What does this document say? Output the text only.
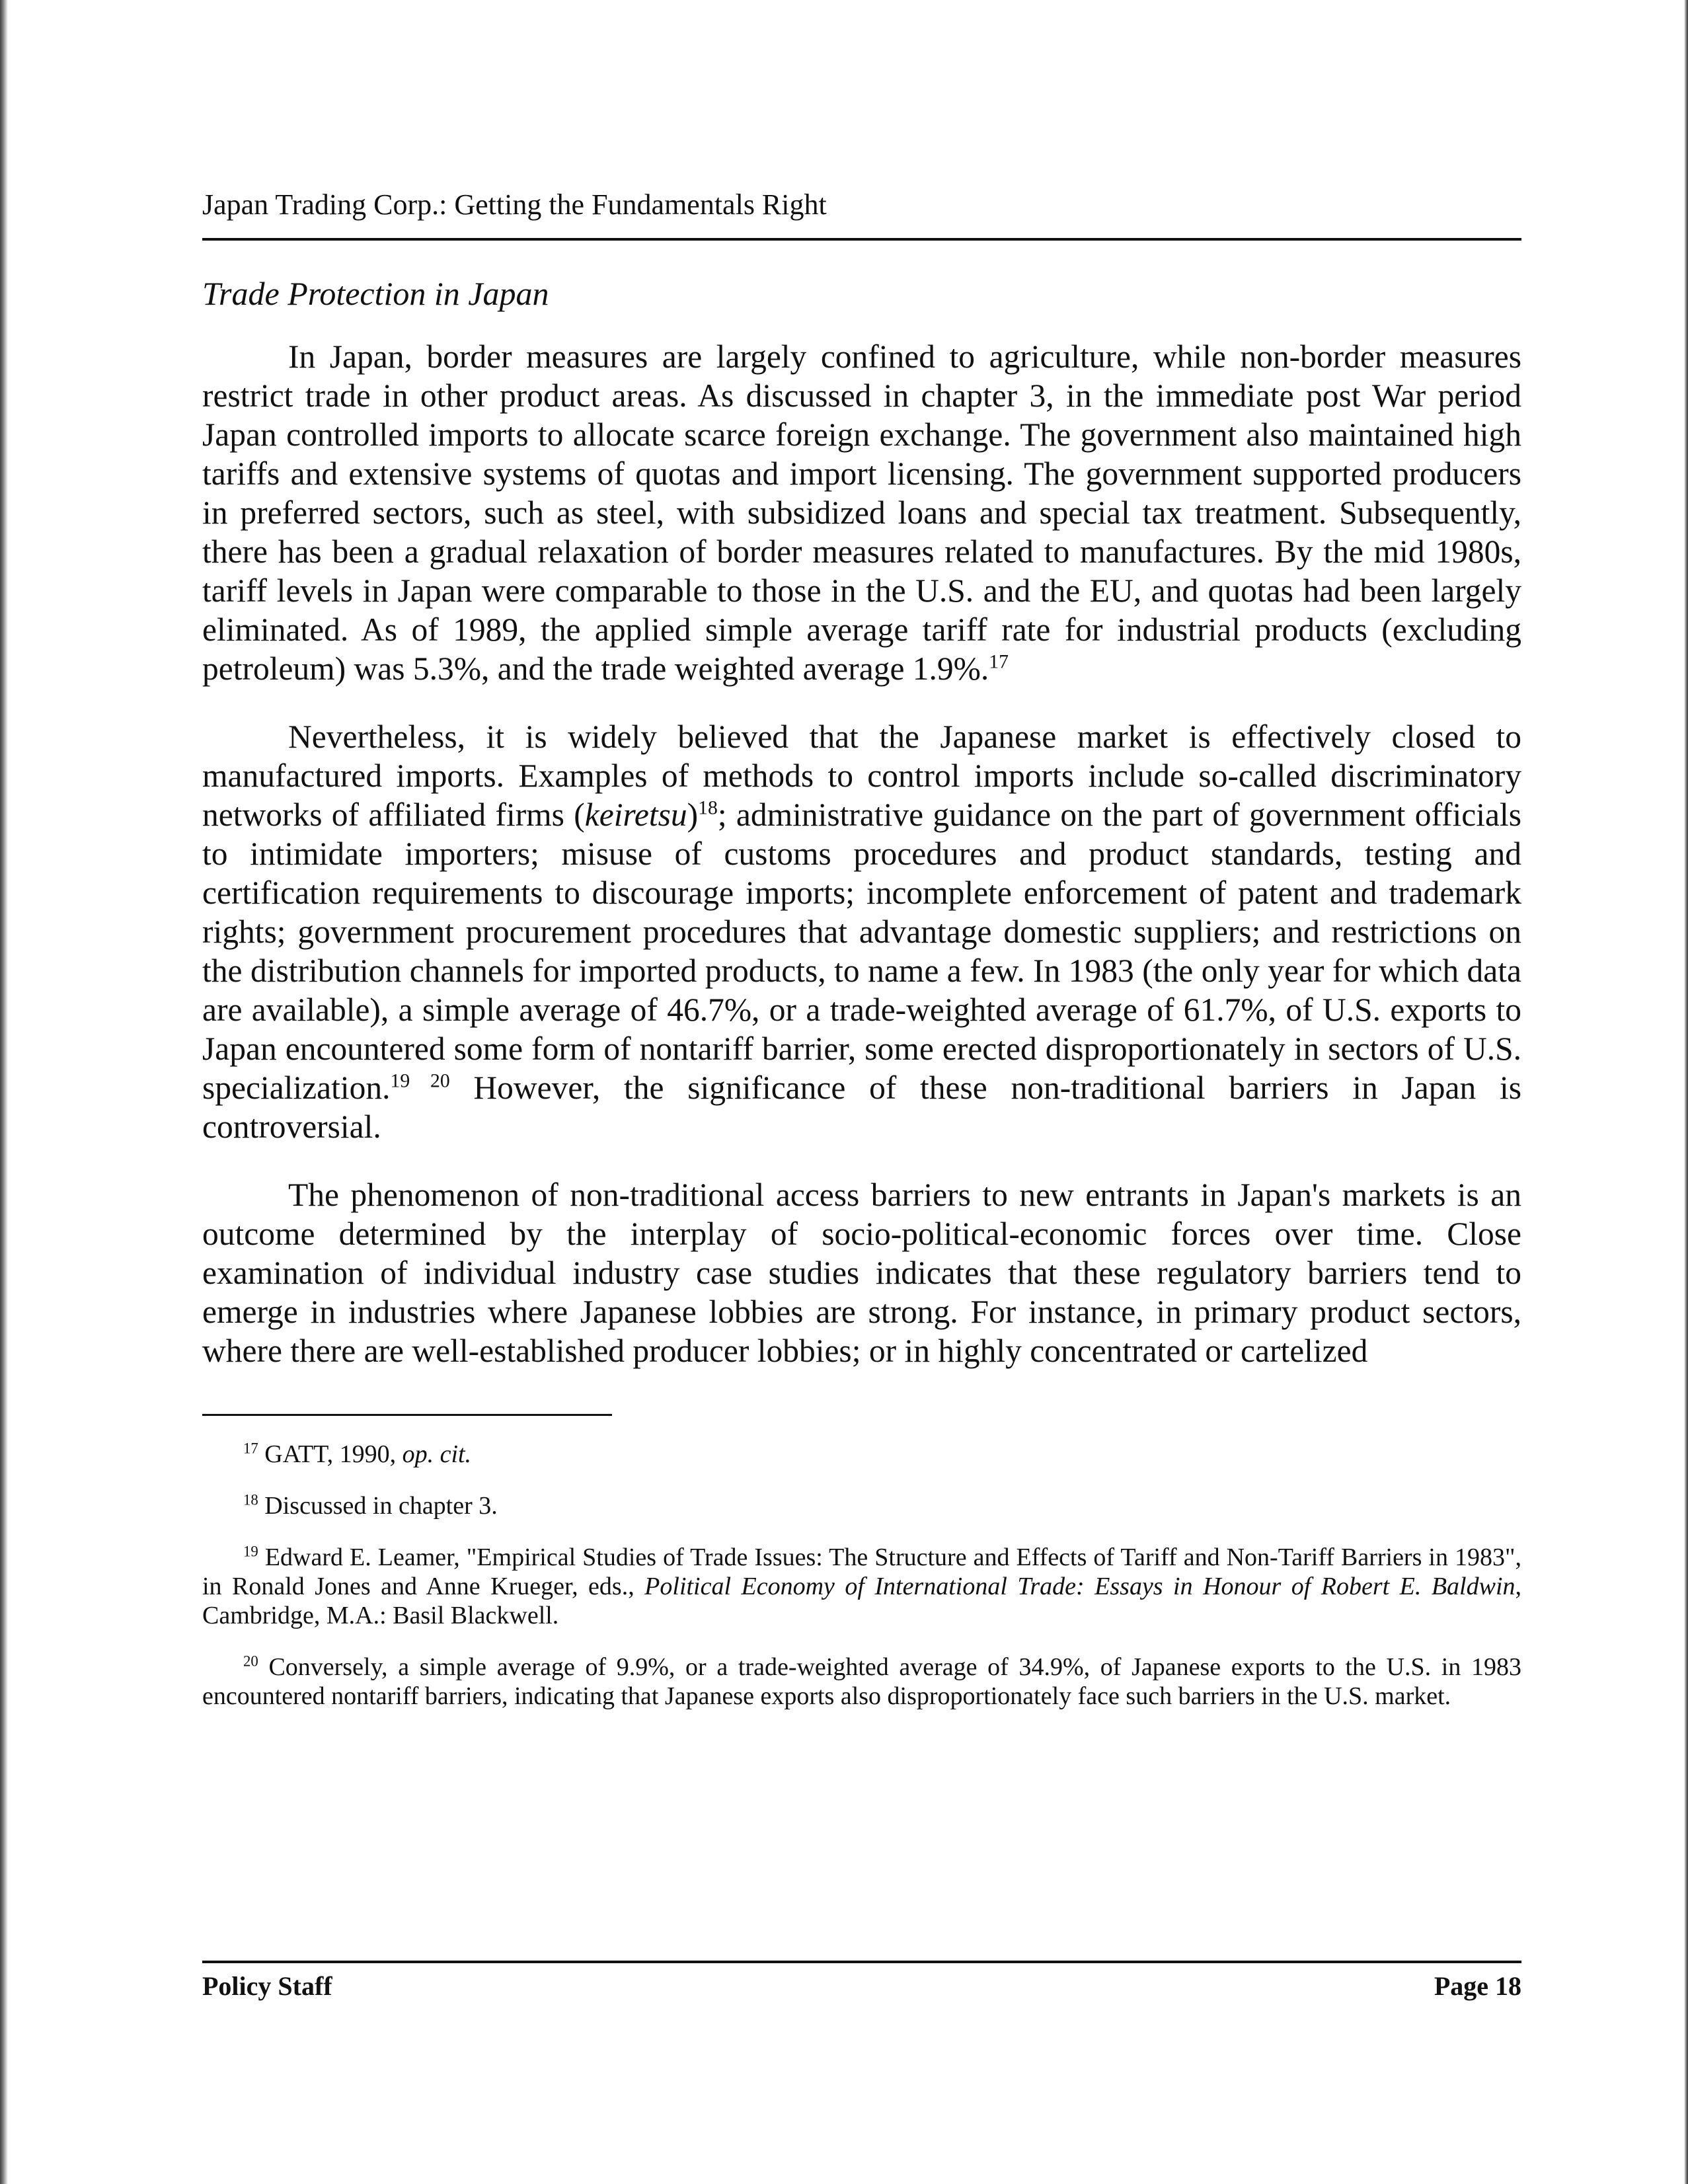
Japan Trading Corp.: Getting the Fundamentals Right

Trade Protection in Japan

In Japan, border measures are largely confined to agriculture, while non-border measures restrict trade in other product areas. As discussed in chapter 3, in the immediate post War period Japan controlled imports to allocate scarce foreign exchange. The government also maintained high tariffs and extensive systems of quotas and import licensing. The government supported producers in preferred sectors, such as steel, with subsidized loans and special tax treatment. Subsequently, there has been a gradual relaxation of border measures related to manufactures. By the mid 1980s, tariff levels in Japan were comparable to those in the U.S. and the EU, and quotas had been largely eliminated. As of 1989, the applied simple average tariff rate for industrial products (excluding petroleum) was 5.3%, and the trade weighted average 1.9%.$^{17}$

Nevertheless, it is widely believed that the Japanese market is effectively closed to manufactured imports. Examples of methods to control imports include so-called discriminatory networks of affiliated firms (keiretsu)$^{18}$; administrative guidance on the part of government officials to intimidate importers; misuse of customs procedures and product standards, testing and certification requirements to discourage imports; incomplete enforcement of patent and trademark rights; government procurement procedures that advantage domestic suppliers; and restrictions on the distribution channels for imported products, to name a few. In 1983 (the only year for which data are available), a simple average of 46.7%, or a trade-weighted average of 61.7%, of U.S. exports to Japan encountered some form of nontariff barrier, some erected disproportionately in sectors of U.S. specialization.$^{19 20}$ However, the significance of these non-traditional barriers in Japan is controversial.

The phenomenon of non-traditional access barriers to new entrants in Japan's markets is an outcome determined by the interplay of socio-political-economic forces over time. Close examination of individual industry case studies indicates that these regulatory barriers tend to emerge in industries where Japanese lobbies are strong. For instance, in primary product sectors, where there are well-established producer lobbies; or in highly concentrated or cartelized

$^{17}$ GATT, 1990, op. cit.

$^{18}$ Discussed in chapter 3.

$^{19}$ Edward E. Leamer, "Empirical Studies of Trade Issues: The Structure and Effects of Tariff and Non-Tariff Barriers in 1983", in Ronald Jones and Anne Krueger, eds., Political Economy of International Trade: Essays in Honour of Robert E. Baldwin, Cambridge, M.A.: Basil Blackwell.

$^{20}$ Conversely, a simple average of 9.9%, or a trade-weighted average of 34.9%, of Japanese exports to the U.S. in 1983 encountered nontariff barriers, indicating that Japanese exports also disproportionately face such barriers in the U.S. market.

Policy Staff	Page 18
